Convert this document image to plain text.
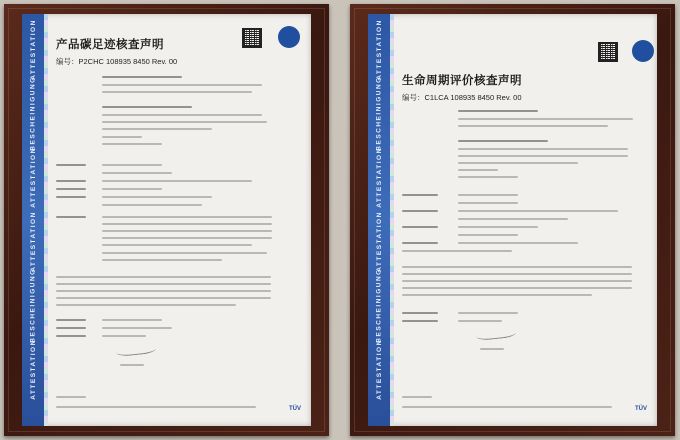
ATTESTATION
BESCHEINIGUNG
ATTESTATION
ATTESTATION
BESCHEINIGUNG
ATTESTATION
产品碳足迹核查声明
编号：P2CHC 108935 8450 Rev. 00
TÜV
ATTESTATION
BESCHEINIGUNG
ATTESTATION
ATTESTATION
BESCHEINIGUNG
ATTESTATION
生命周期评价核查声明
编号：C1LCA 108935 8450 Rev. 00
TÜV
